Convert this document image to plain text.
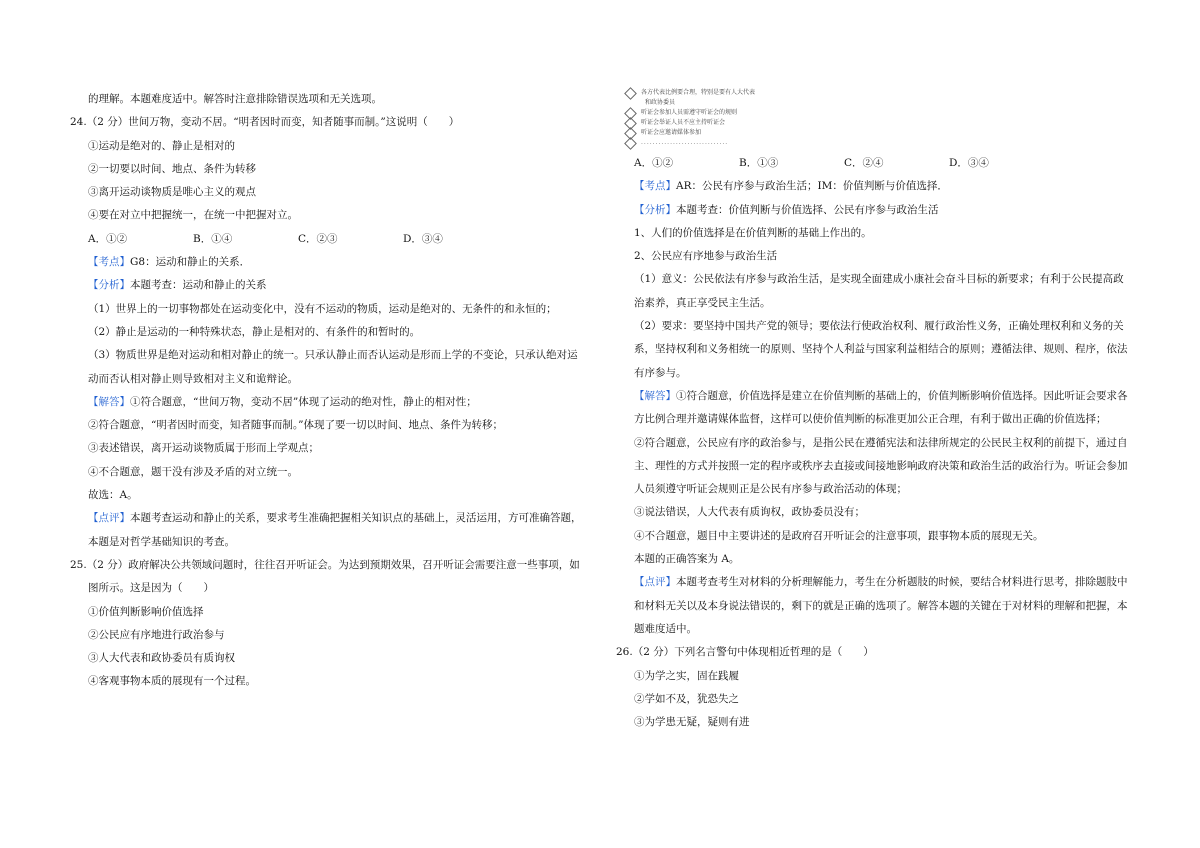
的理解。本题难度适中。解答时注意排除错误选项和无关选项。
24.（2 分）世间万物，变动不居。“明者因时而变，知者随事而制。”这说明（　　）
①运动是绝对的、静止是相对的
②一切要以时间、地点、条件为转移
③离开运动谈物质是唯心主义的观点
④要在对立中把握统一，在统一中把握对立。
A．①②	B．①④	C．②③	D．③④
【考点】G8：运动和静止的关系．
【分析】本题考查：运动和静止的关系
（1）世界上的一切事物都处在运动变化中，没有不运动的物质，运动是绝对的、无条件的和永恒的；
（2）静止是运动的一种特殊状态，静止是相对的、有条件的和暂时的。
（3）物质世界是绝对运动和相对静止的统一。只承认静止而否认运动是形而上学的不变论，只承认绝对运
动而否认相对静止则导致相对主义和诡辩论。
【解答】①符合题意，“世间万物，变动不居”体现了运动的绝对性，静止的相对性；
②符合题意，“明者因时而变，知者随事而制。”体现了要一切以时间、地点、条件为转移；
③表述错误，离开运动谈物质属于形而上学观点；
④不合题意，题干没有涉及矛盾的对立统一。
故选：A。
【点评】本题考查运动和静止的关系，要求考生准确把握相关知识点的基础上，灵活运用，方可准确答题，
本题是对哲学基础知识的考查。
25.（2 分）政府解决公共领域问题时，往往召开听证会。为达到预期效果，召开听证会需要注意一些事项，如
图所示。这是因为（　　）
①价值判断影响价值选择
②公民应有序地进行政治参与
③人大代表和政协委员有质询权
④客观事物本质的展现有一个过程。
各方代表比例要合理，特别是要有人大代表
和政协委员
听证会参加人员需遵守听证会的规则
听证会举证人员不应主持听证会
听证会应邀请媒体参加
..............................
A．①②	B．①③	C．②④	D．③④
【考点】AR：公民有序参与政治生活；IM：价值判断与价值选择．
【分析】本题考查：价值判断与价值选择、公民有序参与政治生活
1、人们的价值选择是在价值判断的基础上作出的。
2、公民应有序地参与政治生活
（1）意义：公民依法有序参与政治生活，是实现全面建成小康社会奋斗目标的新要求；有利于公民提高政
治素养，真正享受民主生活。
（2）要求：要坚持中国共产党的领导；要依法行使政治权利、履行政治性义务，正确处理权利和义务的关
系，坚持权利和义务相统一的原则、坚持个人利益与国家利益相结合的原则；遵循法律、规则、程序，依法
有序参与。
【解答】①符合题意，价值选择是建立在价值判断的基础上的，价值判断影响价值选择。因此听证会要求各
方比例合理并邀请媒体监督，这样可以使价值判断的标准更加公正合理，有利于做出正确的价值选择；
②符合题意，公民应有序的政治参与，是指公民在遵循宪法和法律所规定的公民民主权利的前提下，通过自
主、理性的方式并按照一定的程序或秩序去直接或间接地影响政府决策和政治生活的政治行为。听证会参加
人员须遵守听证会规则正是公民有序参与政治活动的体现；
③说法错误，人大代表有质询权，政协委员没有；
④不合题意，题目中主要讲述的是政府召开听证会的注意事项，跟事物本质的展现无关。
本题的正确答案为 A。
【点评】本题考查考生对材料的分析理解能力，考生在分析题肢的时候，要结合材料进行思考，排除题肢中
和材料无关以及本身说法错误的，剩下的就是正确的选项了。解答本题的关键在于对材料的理解和把握，本
题难度适中。
26.（2 分）下列名言警句中体现相近哲理的是（　　）
①为学之实，固在践履
②学如不及，犹恐失之
③为学患无疑，疑则有进
